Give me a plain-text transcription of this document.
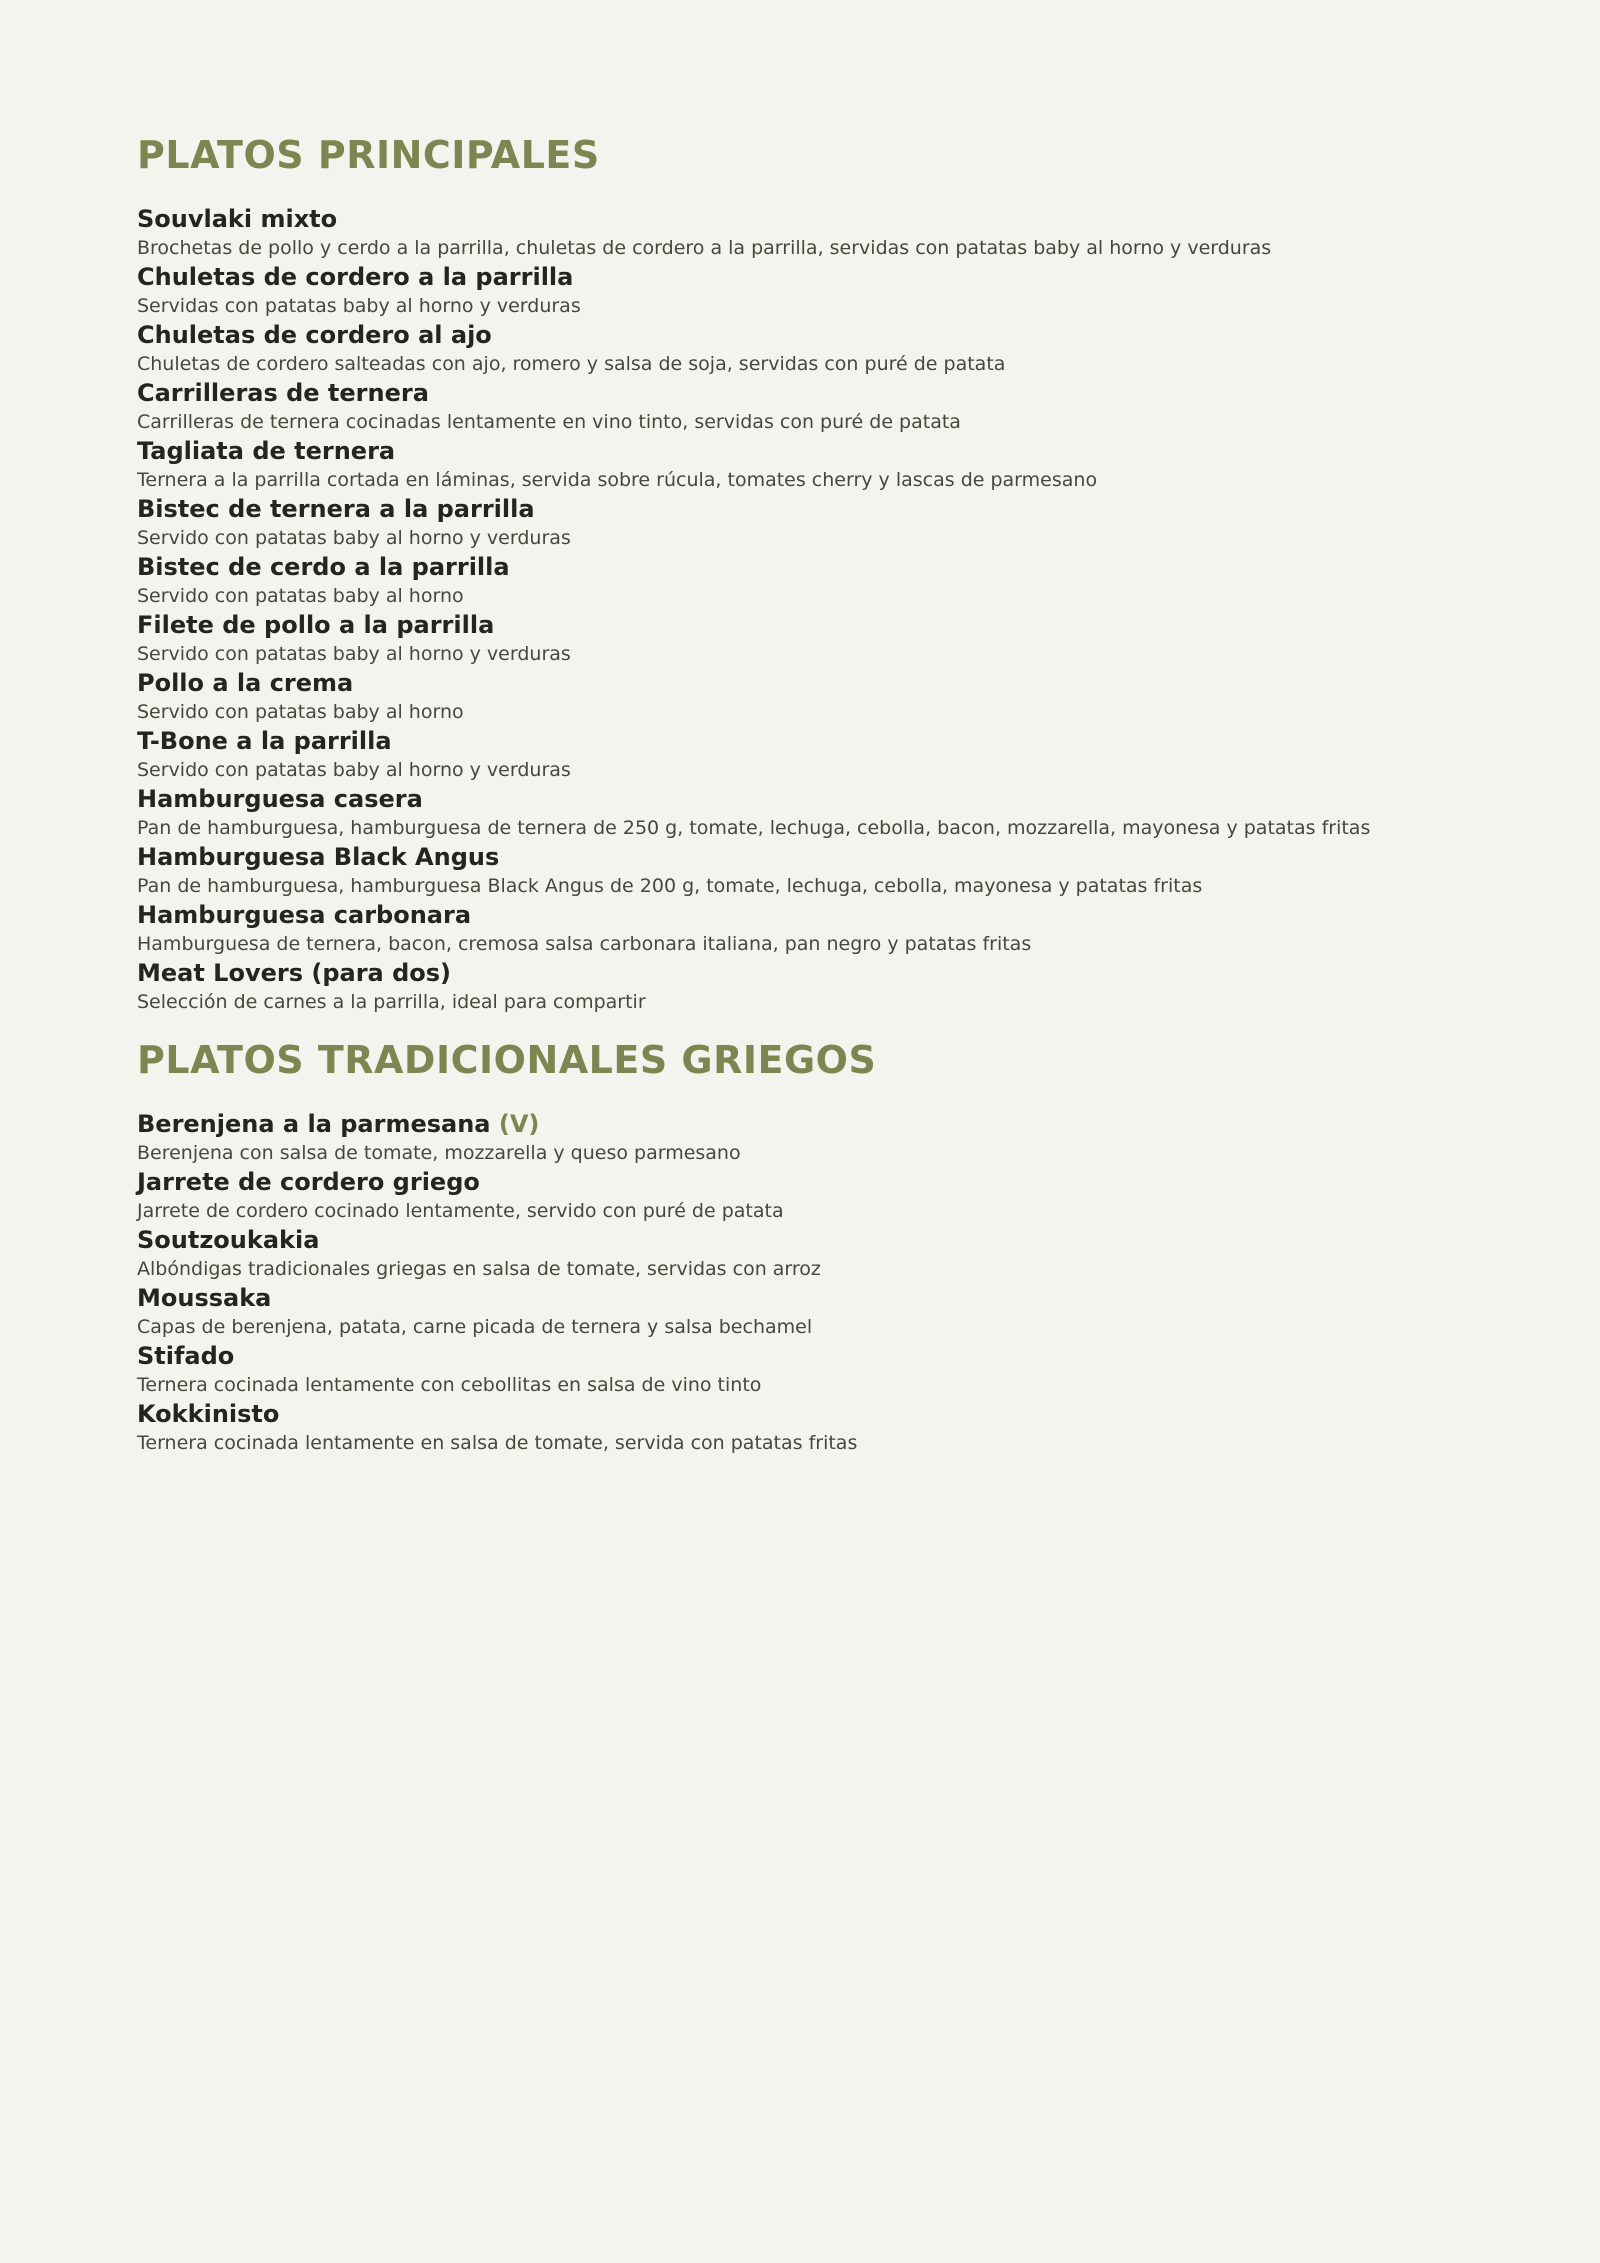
PLATOS PRINCIPALES
Souvlaki mixto
Brochetas de pollo y cerdo a la parrilla, chuletas de cordero a la parrilla, servidas con patatas baby al horno y verduras
Chuletas de cordero a la parrilla
Servidas con patatas baby al horno y verduras
Chuletas de cordero al ajo
Chuletas de cordero salteadas con ajo, romero y salsa de soja, servidas con puré de patata
Carrilleras de ternera
Carrilleras de ternera cocinadas lentamente en vino tinto, servidas con puré de patata
Tagliata de ternera
Ternera a la parrilla cortada en láminas, servida sobre rúcula, tomates cherry y lascas de parmesano
Bistec de ternera a la parrilla
Servido con patatas baby al horno y verduras
Bistec de cerdo a la parrilla
Servido con patatas baby al horno
Filete de pollo a la parrilla
Servido con patatas baby al horno y verduras
Pollo a la crema
Servido con patatas baby al horno
T-Bone a la parrilla
Servido con patatas baby al horno y verduras
Hamburguesa casera
Pan de hamburguesa, hamburguesa de ternera de 250 g, tomate, lechuga, cebolla, bacon, mozzarella, mayonesa y patatas fritas
Hamburguesa Black Angus
Pan de hamburguesa, hamburguesa Black Angus de 200 g, tomate, lechuga, cebolla, mayonesa y patatas fritas
Hamburguesa carbonara
Hamburguesa de ternera, bacon, cremosa salsa carbonara italiana, pan negro y patatas fritas
Meat Lovers (para dos)
Selección de carnes a la parrilla, ideal para compartir
PLATOS TRADICIONALES GRIEGOS
Berenjena a la parmesana (V)
Berenjena con salsa de tomate, mozzarella y queso parmesano
Jarrete de cordero griego
Jarrete de cordero cocinado lentamente, servido con puré de patata
Soutzoukakia
Albóndigas tradicionales griegas en salsa de tomate, servidas con arroz
Moussaka
Capas de berenjena, patata, carne picada de ternera y salsa bechamel
Stifado
Ternera cocinada lentamente con cebollitas en salsa de vino tinto
Kokkinisto
Ternera cocinada lentamente en salsa de tomate, servida con patatas fritas
